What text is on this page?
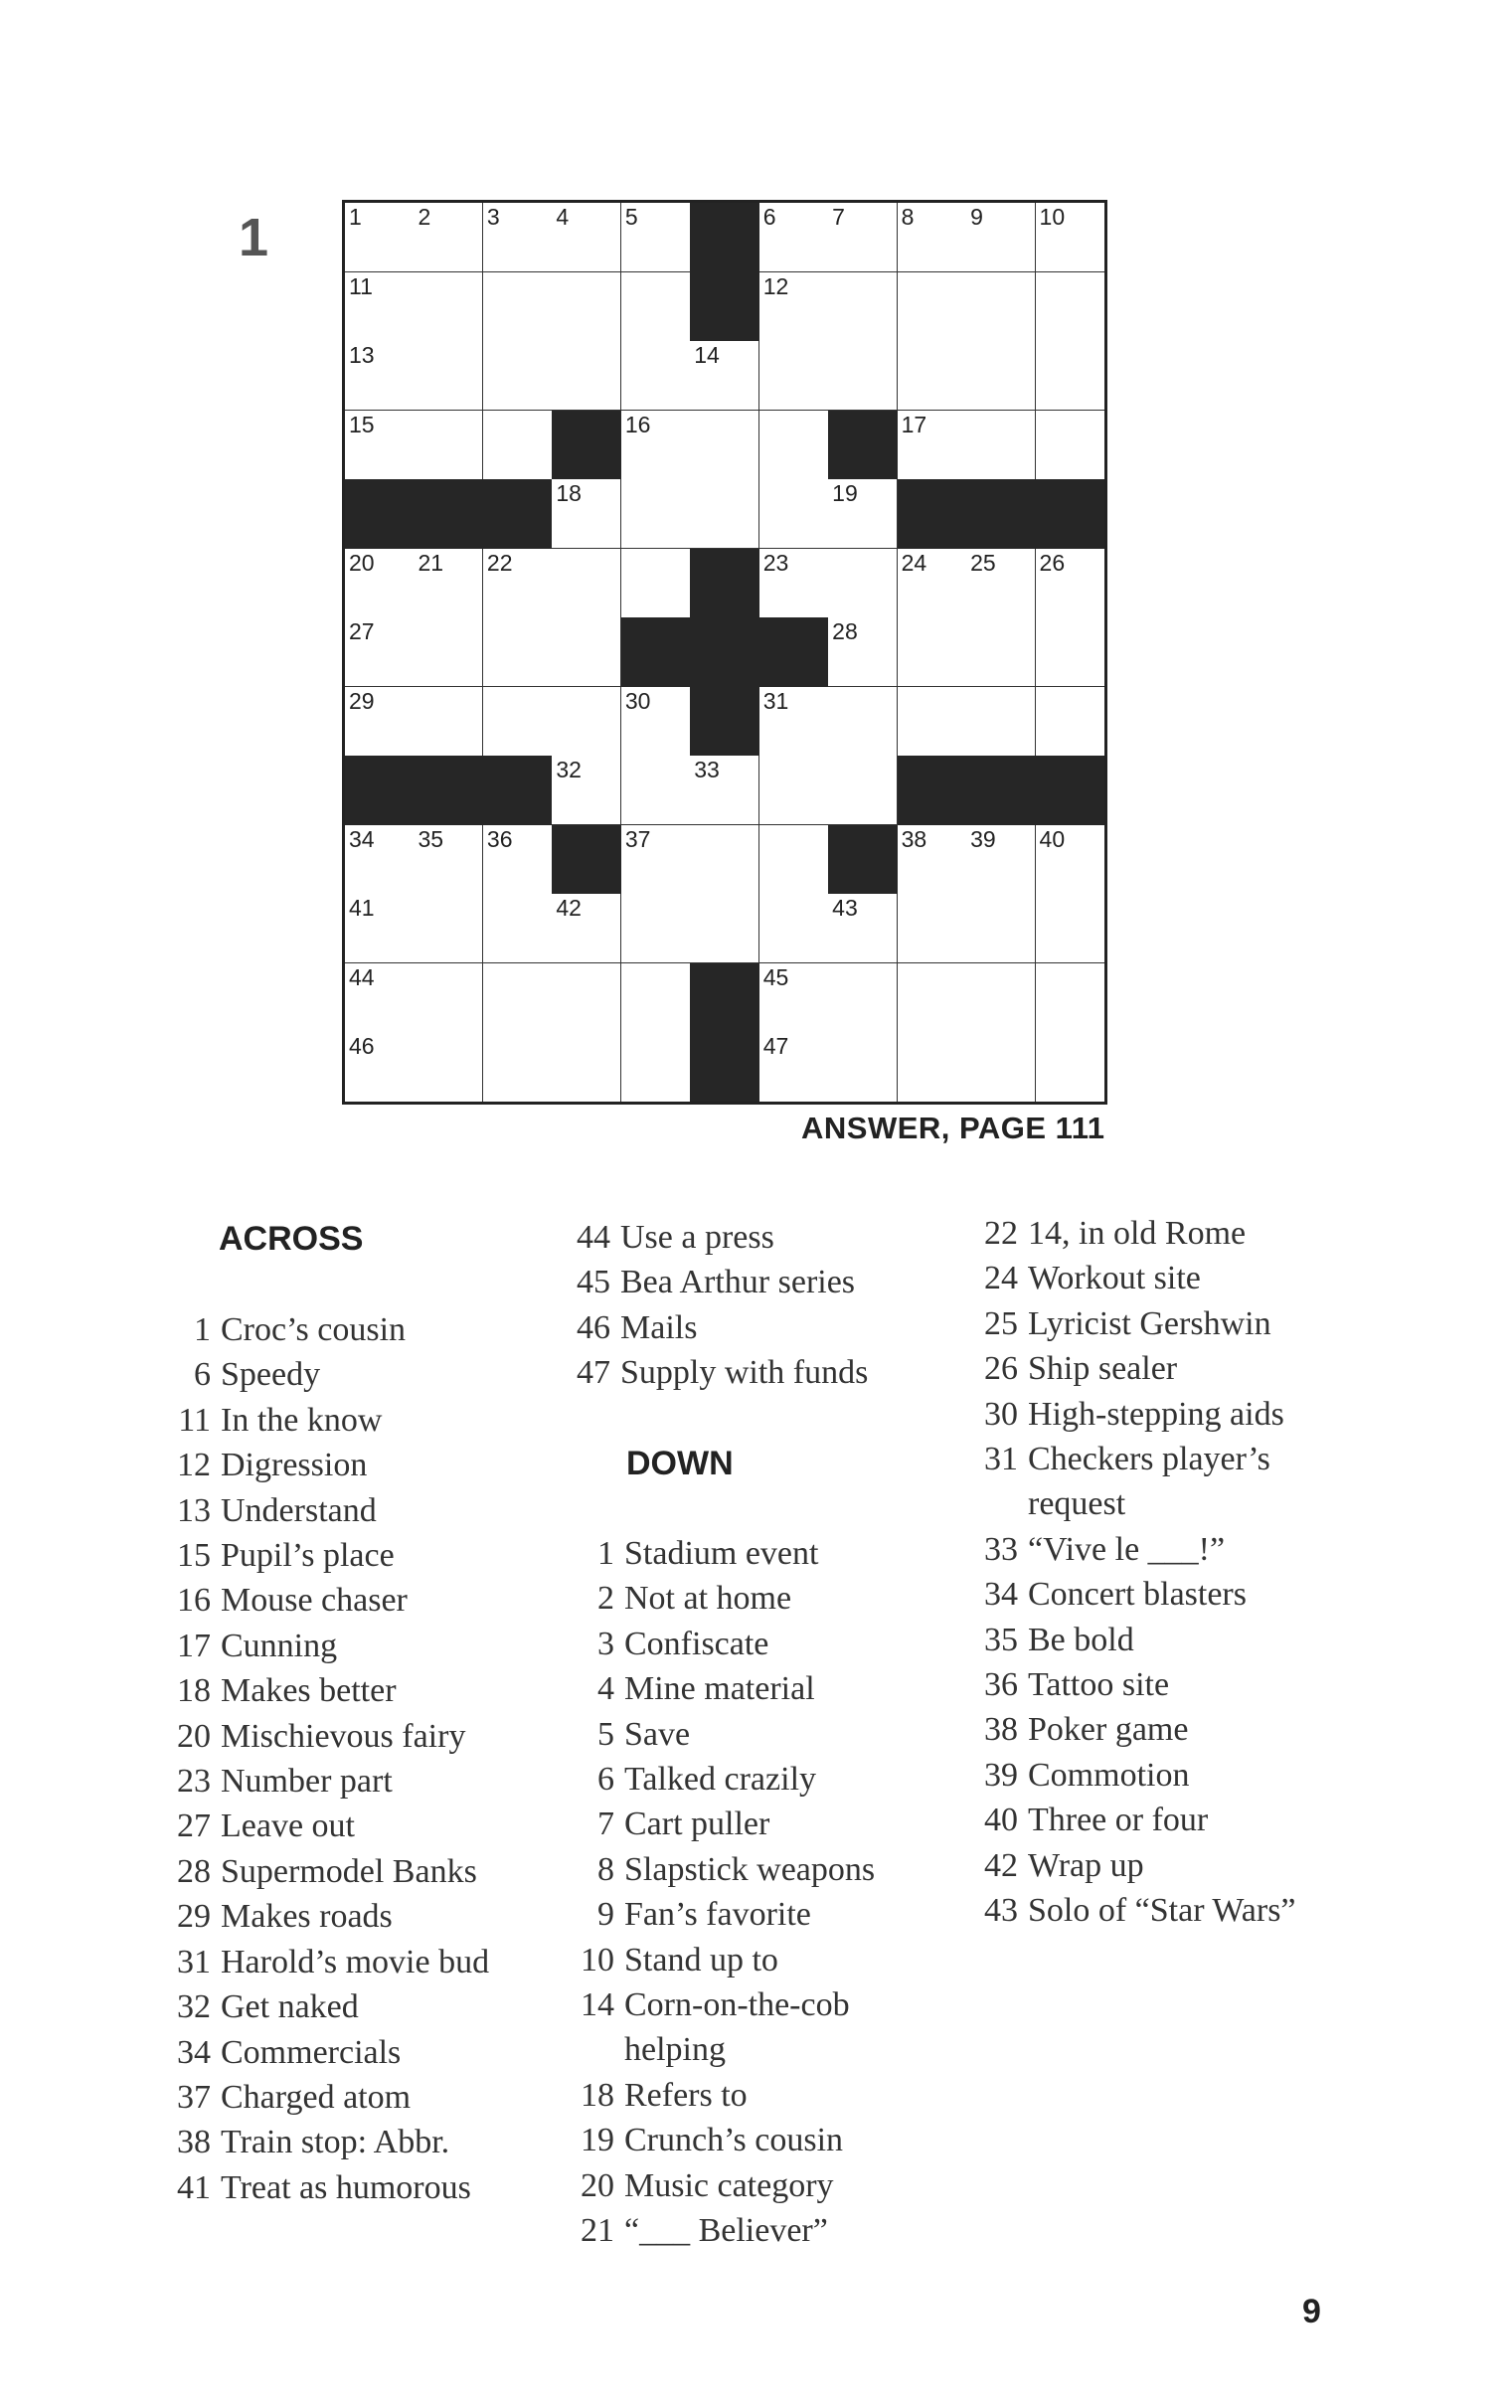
1	1 2 3 4 5	6 7 8 9 10
11	12
13	14
15	16	17
18	19
20 21 22	23	24 25 26
27	28
29	30	31
32	33
34 35 36	37	38 39 40
41	42	43
44	45
46	47
ANSWER, PAGE 111
ACROSS
1 Croc’s cousin
6 Speedy
11 In the know
12 Digression
13 Understand
15 Pupil’s place
16 Mouse chaser
17 Cunning
18 Makes better
20 Mischievous fairy
23 Number part
27 Leave out
28 Supermodel Banks
29 Makes roads
31 Harold’s movie bud
32 Get naked
34 Commercials
37 Charged atom
38 Train stop: Abbr.
41 Treat as humorous
44 Use a press
45 Bea Arthur series
46 Mails
47 Supply with funds
DOWN
1 Stadium event
2 Not at home
3 Confiscate
4 Mine material
5 Save
6 Talked crazily
7 Cart puller
8 Slapstick weapons
9 Fan’s favorite
10 Stand up to
14 Corn-on-the-cob helping
18 Refers to
19 Crunch’s cousin
20 Music category
21 “___ Believer”
22 14, in old Rome
24 Workout site
25 Lyricist Gershwin
26 Ship sealer
30 High-stepping aids
31 Checkers player’s request
33 “Vive le ___!”
34 Concert blasters
35 Be bold
36 Tattoo site
38 Poker game
39 Commotion
40 Three or four
42 Wrap up
43 Solo of “Star Wars”
9
